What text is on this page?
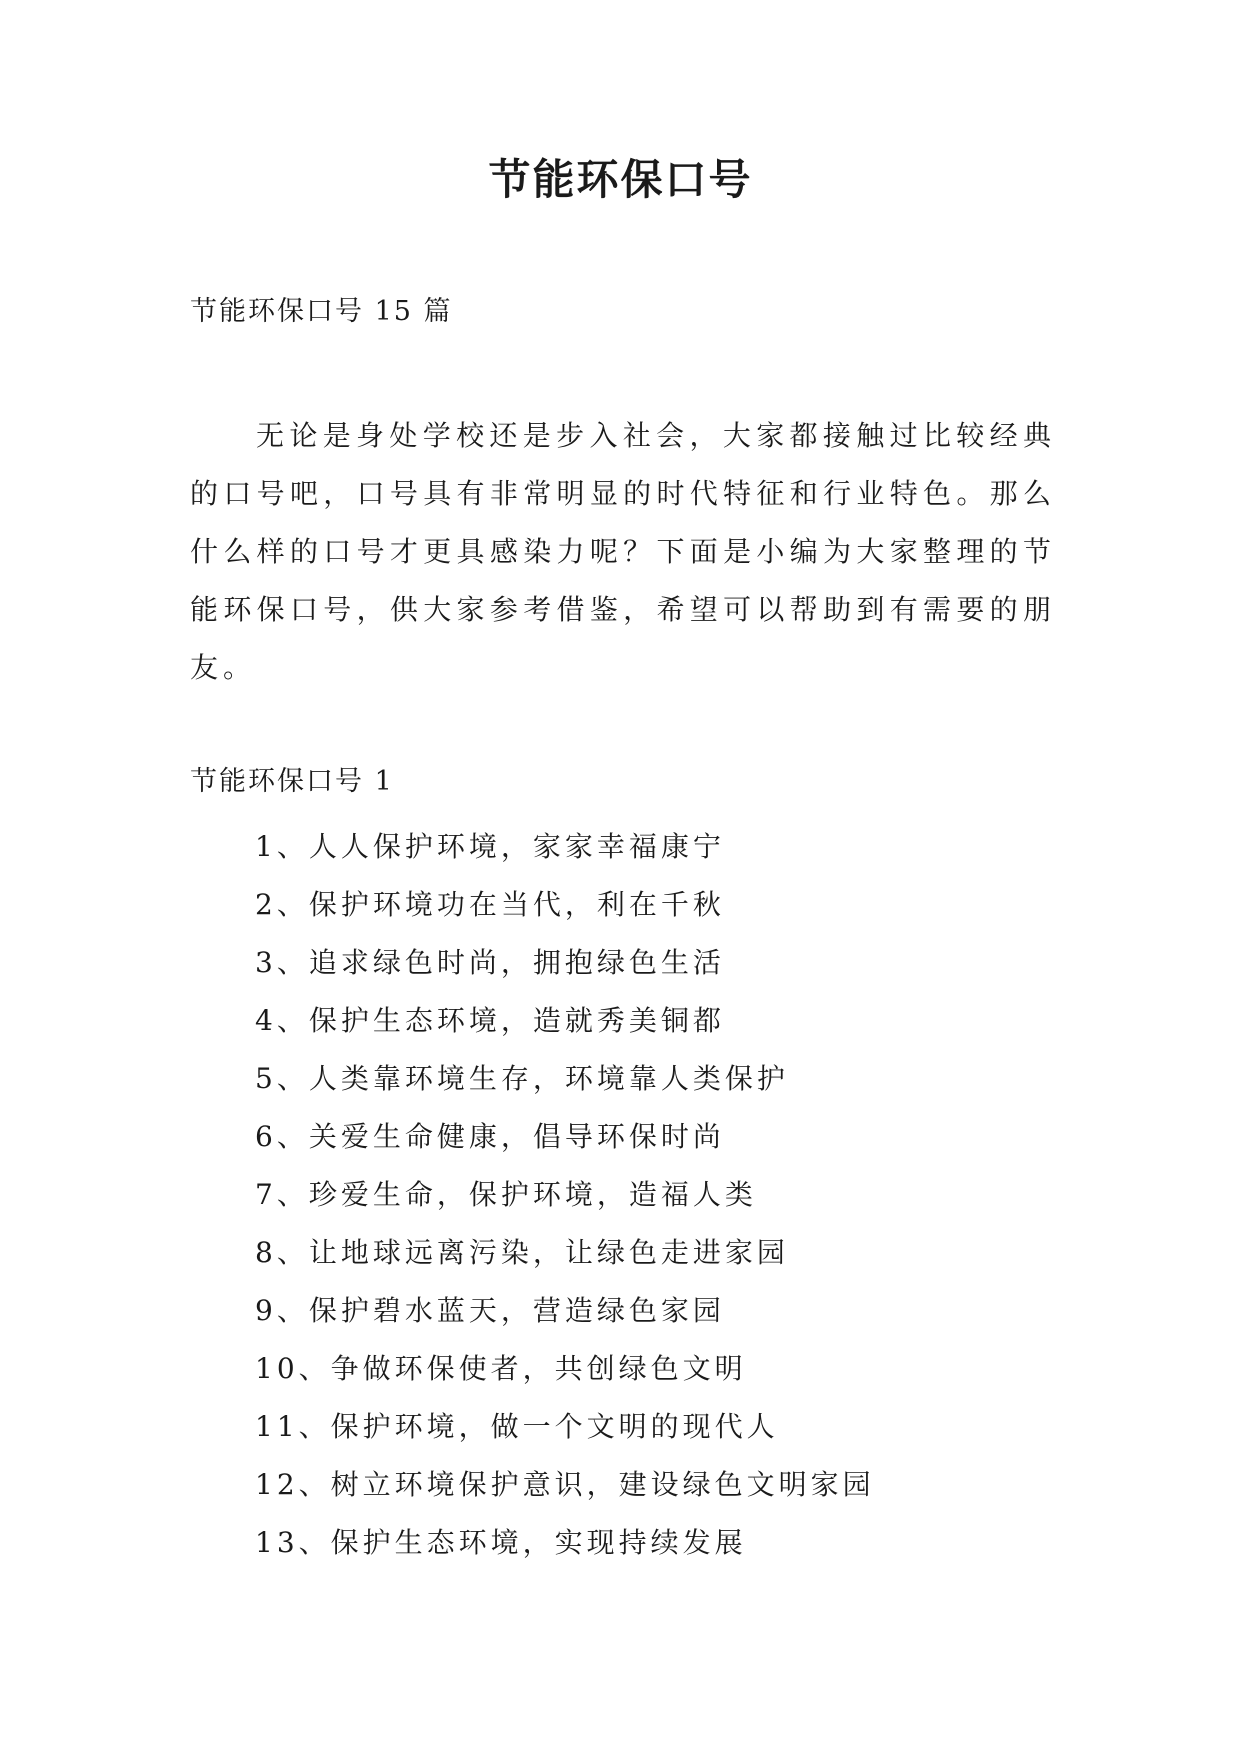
节能环保口号

节能环保口号 15 篇

无论是身处学校还是步入社会，大家都接触过比较经典的口号吧，口号具有非常明显的时代特征和行业特色。那么什么样的口号才更具感染力呢？下面是小编为大家整理的节能环保口号，供大家参考借鉴，希望可以帮助到有需要的朋友。

节能环保口号 1

1、人人保护环境，家家幸福康宁
2、保护环境功在当代，利在千秋
3、追求绿色时尚，拥抱绿色生活
4、保护生态环境，造就秀美铜都
5、人类靠环境生存，环境靠人类保护
6、关爱生命健康，倡导环保时尚
7、珍爱生命，保护环境，造福人类
8、让地球远离污染，让绿色走进家园
9、保护碧水蓝天，营造绿色家园
10、争做环保使者，共创绿色文明
11、保护环境，做一个文明的现代人
12、树立环境保护意识，建设绿色文明家园
13、保护生态环境，实现持续发展
